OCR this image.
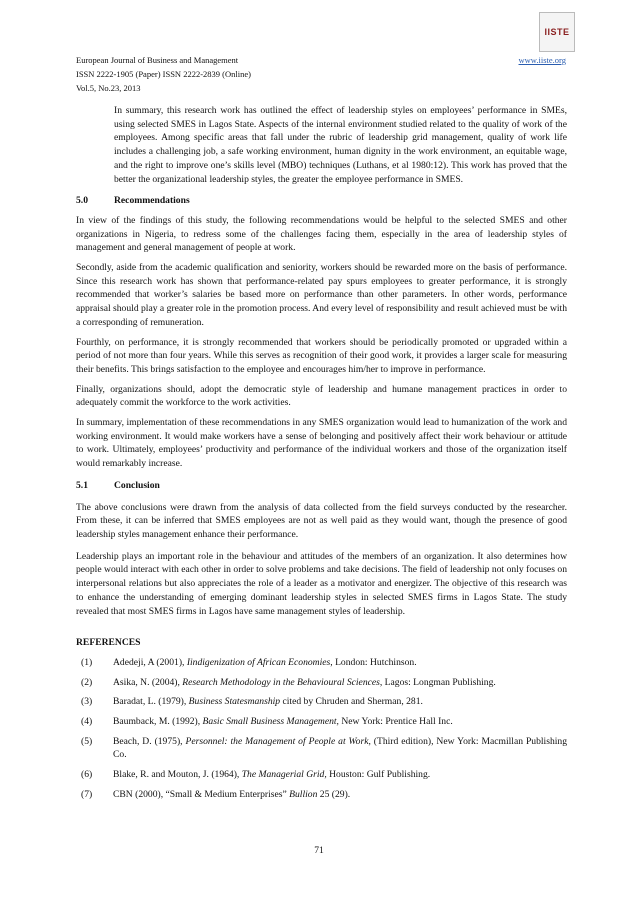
IISTE
European Journal of Business and Management
ISSN 2222-1905 (Paper) ISSN 2222-2839 (Online)
Vol.5, No.23, 2013
www.iiste.org

In summary, this research work has outlined the effect of leadership styles on employees’ performance in SMEs, using selected SMES in Lagos State. Aspects of the internal environment studied related to the quality of work of the employees. Among specific areas that fall under the rubric of leadership grid management, quality of work life includes a challenging job, a safe working environment, human dignity in the work environment, an equitable wage, and the right to improve one’s skills level (MBO) techniques (Luthans, et al 1980:12). This work has proved that the better the organizational leadership styles, the greater the employee performance in SMES.

5.0	Recommendations

In view of the findings of this study, the following recommendations would be helpful to the selected SMES and other organizations in Nigeria, to redress some of the challenges facing them, especially in the area of leadership styles of management and general management of people at work.

Secondly, aside from the academic qualification and seniority, workers should be rewarded more on the basis of performance. Since this research work has shown that performance-related pay spurs employees to greater performance, it is strongly recommended that worker’s salaries be based more on performance than other parameters. In other words, performance appraisal should play a greater role in the promotion process. And every level of responsibility and result achieved must be with a corresponding of remuneration.

Fourthly, on performance, it is strongly recommended that workers should be periodically promoted or upgraded within a period of not more than four years. While this serves as recognition of their good work, it provides a larger scale for measuring their benefits. This brings satisfaction to the employee and encourages him/her to improve in performance.

Finally, organizations should, adopt the democratic style of leadership and humane management practices in order to adequately commit the workforce to the work activities.

In summary, implementation of these recommendations in any SMES organization would lead to humanization of the work and working environment. It would make workers have a sense of belonging and positively affect their work behaviour or attitude to work. Ultimately, employees’ productivity and performance of the individual workers and those of the organization itself would remarkably increase.

5.1	Conclusion

The above conclusions were drawn from the analysis of data collected from the field surveys conducted by the researcher. From these, it can be inferred that SMES employees are not as well paid as they would want, though the presence of good leadership styles management enhance their performance.

Leadership plays an important role in the behaviour and attitudes of the members of an organization. It also determines how people would interact with each other in order to solve problems and take decisions. The field of leadership not only focuses on interpersonal relations but also appreciates the role of a leader as a motivator and energizer. The objective of this research was to enhance the understanding of emerging dominant leadership styles in selected SMES firms in Lagos State. The study revealed that most SMES firms in Lagos have same management styles of leadership.

REFERENCES
(1) Adedeji, A (2001), Iindigenization of African Economies, London: Hutchinson.
(2) Asika, N. (2004), Research Methodology in the Behavioural Sciences, Lagos: Longman Publishing.
(3) Baradat, L. (1979), Business Statesmanship cited by Chruden and Sherman, 281.
(4) Baumback, M. (1992), Basic Small Business Management, New York: Prentice Hall Inc.
(5) Beach, D. (1975), Personnel: the Management of People at Work, (Third edition), New York: Macmillan Publishing Co.
(6) Blake, R. and Mouton, J. (1964), The Managerial Grid, Houston: Gulf Publishing.
(7) CBN (2000), “Small & Medium Enterprises” Bullion 25 (29).
71
